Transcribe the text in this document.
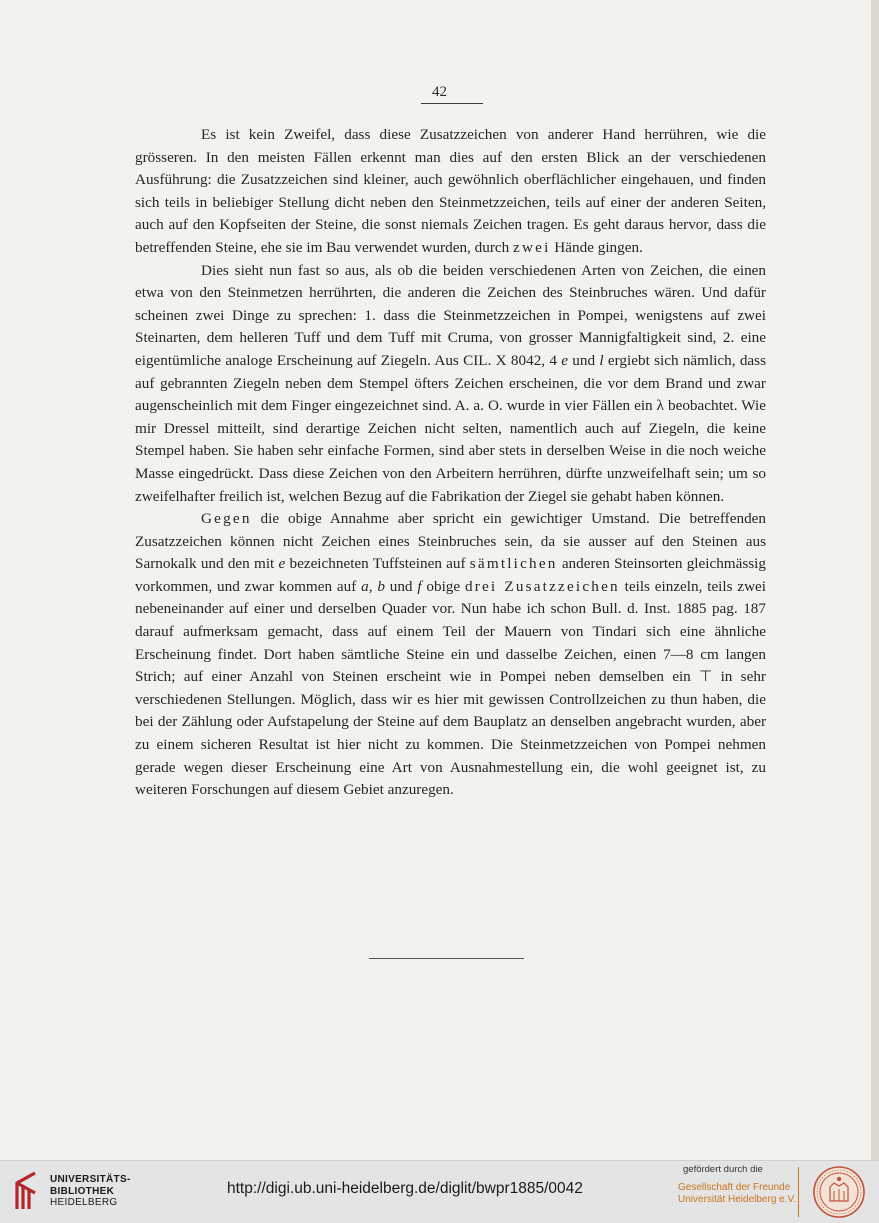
42

Es ist kein Zweifel, dass diese Zusatzzeichen von anderer Hand herrühren, wie die grösseren. In den meisten Fällen erkennt man dies auf den ersten Blick an der verschiedenen Ausführung: die Zusatzzeichen sind kleiner, auch gewöhnlich oberflächlicher eingehauen, und finden sich teils in beliebiger Stellung dicht neben den Steinmetzzeichen, teils auf einer der anderen Seiten, auch auf den Kopfseiten der Steine, die sonst niemals Zeichen tragen. Es geht daraus hervor, dass die betreffenden Steine, ehe sie im Bau verwendet wurden, durch zwei Hände gingen.

Dies sieht nun fast so aus, als ob die beiden verschiedenen Arten von Zeichen, die einen etwa von den Steinmetzen herrührten, die anderen die Zeichen des Steinbruches wären. Und dafür scheinen zwei Dinge zu sprechen: 1. dass die Steinmetzzeichen in Pompei, wenigstens auf zwei Steinarten, dem helleren Tuff und dem Tuff mit Cruma, von grosser Mannigfaltigkeit sind, 2. eine eigentümliche analoge Erscheinung auf Ziegeln. Aus CIL. X 8042, 4 e und l ergiebt sich nämlich, dass auf gebrannten Ziegeln neben dem Stempel öfters Zeichen erscheinen, die vor dem Brand und zwar augenscheinlich mit dem Finger eingezeichnet sind. A. a. O. wurde in vier Fällen ein λ beobachtet. Wie mir Dressel mitteilt, sind derartige Zeichen nicht selten, namentlich auch auf Ziegeln, die keine Stempel haben. Sie haben sehr einfache Formen, sind aber stets in derselben Weise in die noch weiche Masse eingedrückt. Dass diese Zeichen von den Arbeitern herrühren, dürfte unzweifelhaft sein; um so zweifelhafter freilich ist, welchen Bezug auf die Fabrikation der Ziegel sie gehabt haben können.

Gegen die obige Annahme aber spricht ein gewichtiger Umstand. Die betreffenden Zusatzzeichen können nicht Zeichen eines Steinbruches sein, da sie ausser auf den Steinen aus Sarnokalk und den mit e bezeichneten Tuffsteinen auf sämtlichen anderen Steinsorten gleichmässig vorkommen, und zwar kommen auf a, b und f obige drei Zusatzzeichen teils einzeln, teils zwei nebeneinander auf einer und derselben Quader vor. Nun habe ich schon Bull. d. Inst. 1885 pag. 187 darauf aufmerksam gemacht, dass auf einem Teil der Mauern von Tindari sich eine ähnliche Erscheinung findet. Dort haben sämtliche Steine ein und dasselbe Zeichen, einen 7—8 cm langen Strich; auf einer Anzahl von Steinen erscheint wie in Pompei neben demselben ein ⊤ in sehr verschiedenen Stellungen. Möglich, dass wir es hier mit gewissen Controllzeichen zu thun haben, die bei der Zählung oder Aufstapelung der Steine auf dem Bauplatz an denselben angebracht wurden, aber zu einem sicheren Resultat ist hier nicht zu kommen. Die Steinmetzzeichen von Pompei nehmen gerade wegen dieser Erscheinung eine Art von Ausnahmestellung ein, die wohl geeignet ist, zu weiteren Forschungen auf diesem Gebiet anzuregen.

UNIVERSITÄTS-
BIBLIOTHEK
HEIDELBERG
http://digi.ub.uni-heidelberg.de/diglit/bwpr1885/0042
gefördert durch die
Gesellschaft der Freunde
Universität Heidelberg e.V.
